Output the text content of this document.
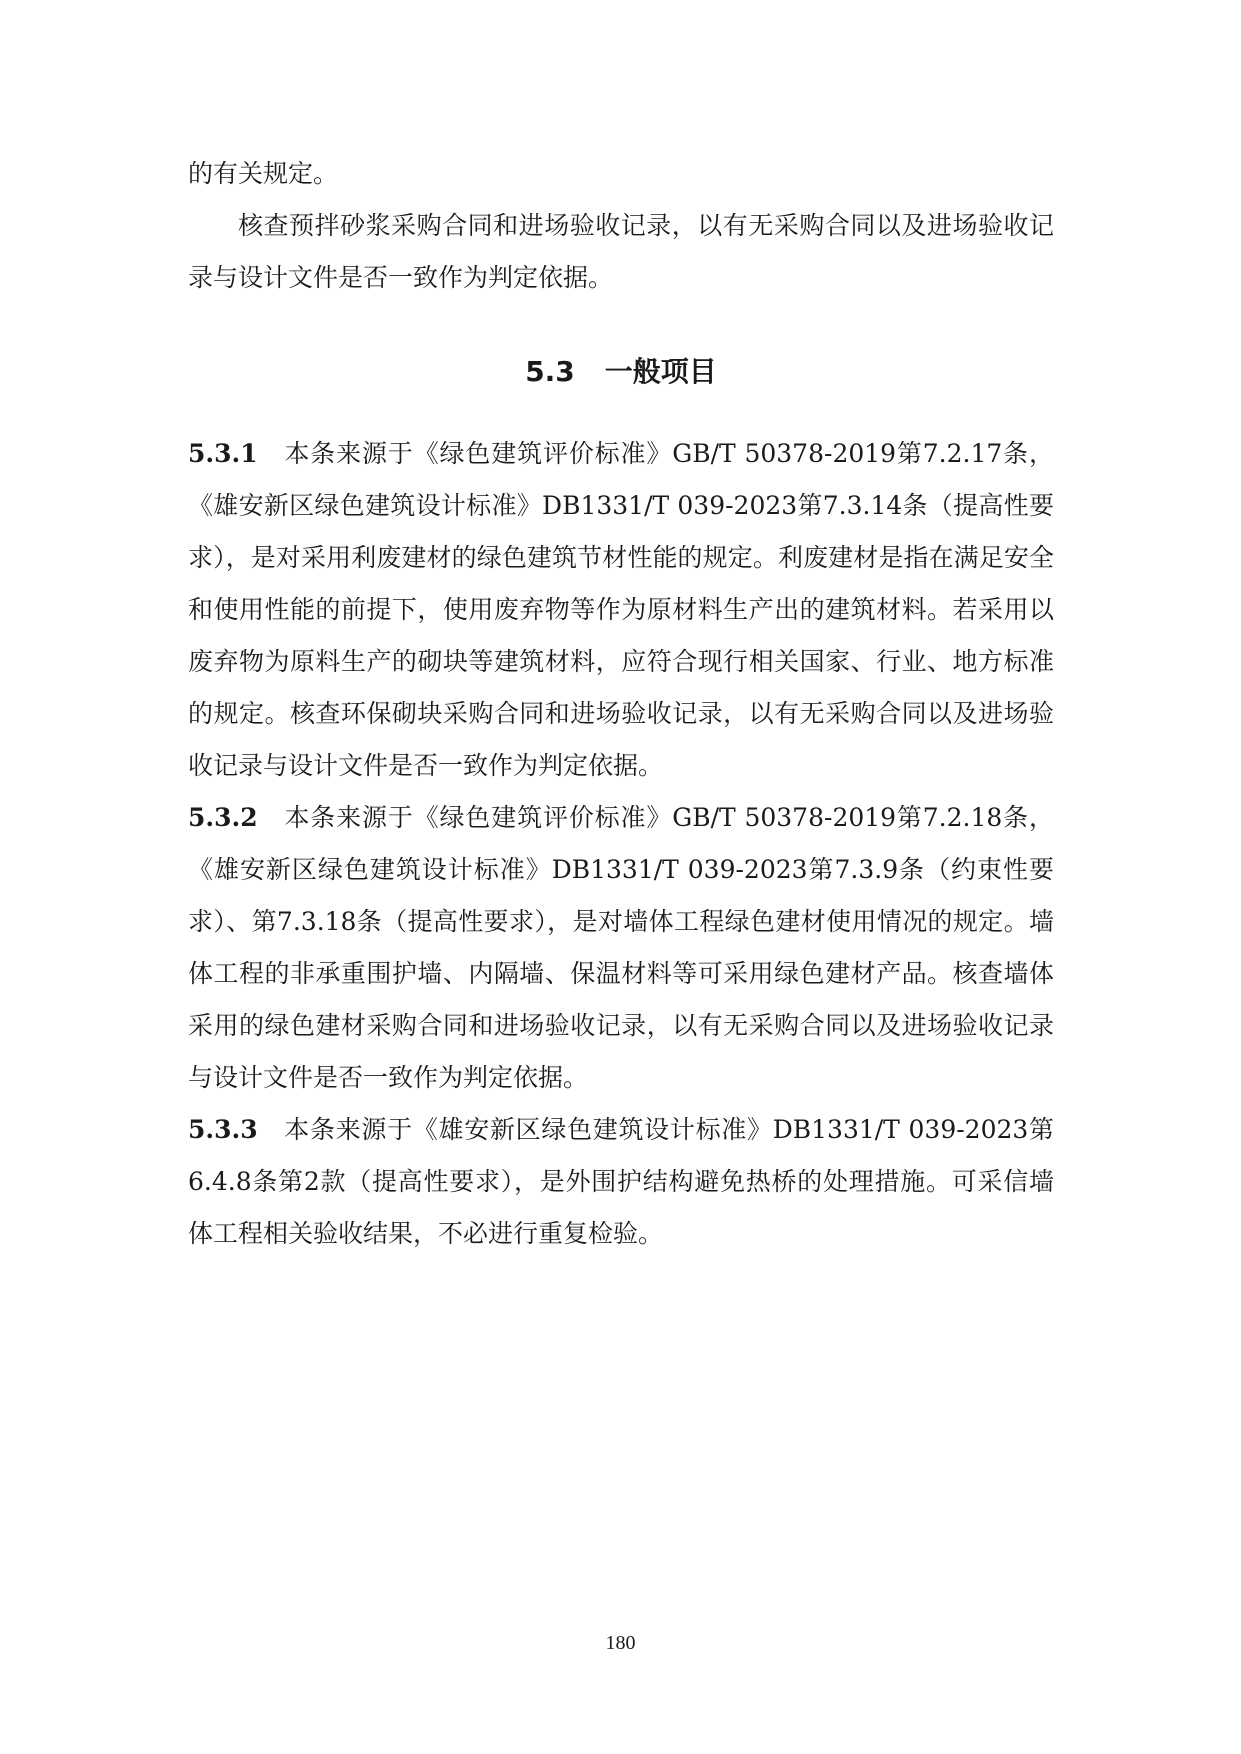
的有关规定。

核查预拌砂浆采购合同和进场验收记录，以有无采购合同以及进场验收记录与设计文件是否一致作为判定依据。

5.3 一般项目

5.3.1 本条来源于《绿色建筑评价标准》GB/T 50378-2019第7.2.17条，《雄安新区绿色建筑设计标准》DB1331/T 039-2023第7.3.14条（提高性要求），是对采用利废建材的绿色建筑节材性能的规定。利废建材是指在满足安全和使用性能的前提下，使用废弃物等作为原材料生产出的建筑材料。若采用以废弃物为原料生产的砌块等建筑材料，应符合现行相关国家、行业、地方标准的规定。核查环保砌块采购合同和进场验收记录，以有无采购合同以及进场验收记录与设计文件是否一致作为判定依据。

5.3.2 本条来源于《绿色建筑评价标准》GB/T 50378-2019第7.2.18条，《雄安新区绿色建筑设计标准》DB1331/T 039-2023第7.3.9条（约束性要求）、第7.3.18条（提高性要求），是对墙体工程绿色建材使用情况的规定。墙体工程的非承重围护墙、内隔墙、保温材料等可采用绿色建材产品。核查墙体采用的绿色建材采购合同和进场验收记录，以有无采购合同以及进场验收记录与设计文件是否一致作为判定依据。

5.3.3 本条来源于《雄安新区绿色建筑设计标准》DB1331/T 039-2023第6.4.8条第2款（提高性要求），是外围护结构避免热桥的处理措施。可采信墙体工程相关验收结果，不必进行重复检验。

180
